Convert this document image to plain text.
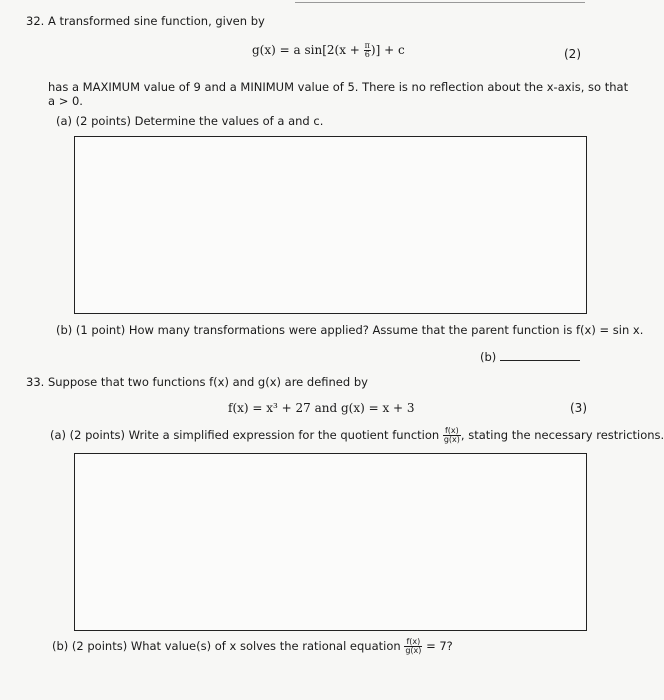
32. A transformed sine function, given by
g(x) = a $\sin[2(x + \frac{\pi}{6}$ )] + c	(2)
has a MAXIMUM value of 9 and a MINIMUM value of 5. There is no reflection about the x-axis, so that
a > 0.
(a) (2 points) Determine the values of a and c.
(b) (1 point) How many transformations were applied? Assume that the parent function is f(x) = sin x.
(b)
33. Suppose that two functions f(x) and g(x) are defined by
f(x) = x³ + 27 and g(x) = x + 3	(3)
(a) (2 points) Write a simplified expression for the quotient function $\frac{f(x)}{g(x)}$ , stating the necessary restrictions.
(b) (2 points) What value(s) of x solves the rational equation $\frac{f(x)}{g(x)} = 7$?
